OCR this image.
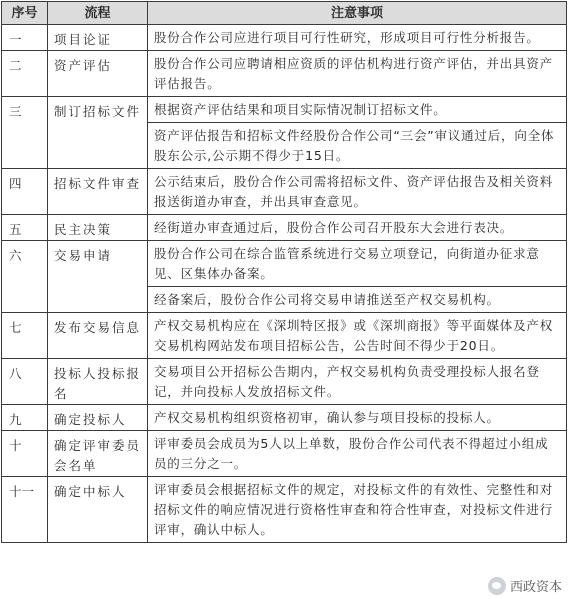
序号	流程	注意事项
一	项目论证	股份合作公司应进行项目可行性研究，形成项目可行性分析报告。
二	资产评估	股份合作公司应聘请相应资质的评估机构进行资产评估，并出具资产评估报告。
三	制订招标文件	根据资产评估结果和项目实际情况制订招标文件。
		资产评估报告和招标文件经股份合作公司“三会”审议通过后，向全体股东公示,公示期不得少于15日。
四	招标文件审查	公示结束后，股份合作公司需将招标文件、资产评估报告及相关资料报送街道办审查，并出具审查意见。
五	民主决策	经街道办审查通过后，股份合作公司召开股东大会进行表决。
六	交易申请	股份合作公司在综合监管系统进行交易立项登记，向街道办征求意见、区集体办备案。
		经备案后，股份合作公司将交易申请推送至产权交易机构。
七	发布交易信息	产权交易机构应在《深圳特区报》或《深圳商报》等平面媒体及产权交易机构网站发布项目招标公告，公告时间不得少于20日。
八	投标人投标报名	交易项目公开招标公告期内，产权交易机构负责受理投标人报名登记，并向投标人发放招标文件。
九	确定投标人	产权交易机构组织资格初审，确认参与项目投标的投标人。
十	确定评审委员会名单	评审委员会成员为5人以上单数，股份合作公司代表不得超过小组成员的三分之一。
十一	确定中标人	评审委员会根据招标文件的规定，对投标文件的有效性、完整性和对招标文件的响应情况进行资格性审查和符合性审查，对投标文件进行评审，确认中标人。
西政资本
